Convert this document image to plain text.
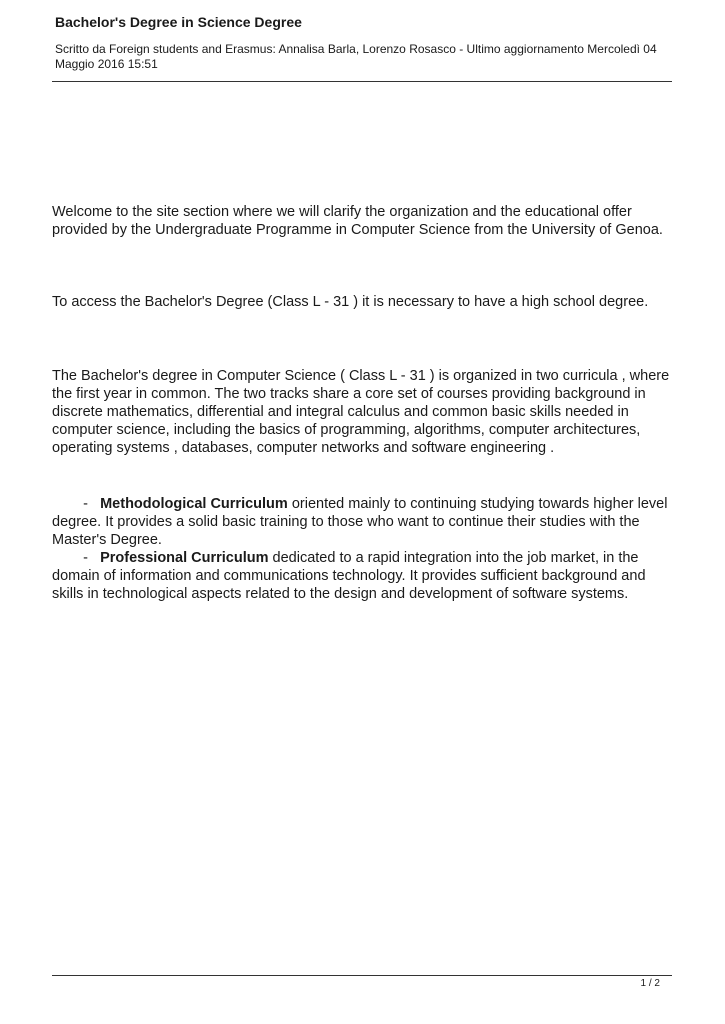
Bachelor's Degree in Science Degree
Scritto da Foreign students and Erasmus: Annalisa Barla, Lorenzo Rosasco - Ultimo aggiornamento Mercoledì 04 Maggio 2016 15:51

Welcome to the site section where we will clarify the organization and the educational offer provided by the Undergraduate Programme in Computer Science from the University of Genoa.

To access the Bachelor's Degree (Class L - 31 ) it is necessary to have a high school degree.

The Bachelor's degree in Computer Science ( Class L - 31 ) is organized in two curricula , where the first year in common. The two tracks share a core set of courses providing background in discrete mathematics, differential and integral calculus and common basic skills needed in computer science, including the basics of programming, algorithms, computer architectures, operating systems , databases, computer networks and software engineering .

- Methodological Curriculum oriented mainly to continuing studying towards higher level degree. It provides a solid basic training to those who want to continue their studies with the Master's Degree.
- Professional Curriculum dedicated to a rapid integration into the job market, in the domain of information and communications technology. It provides sufficient background and skills in technological aspects related to the design and development of software systems.
1 / 2
